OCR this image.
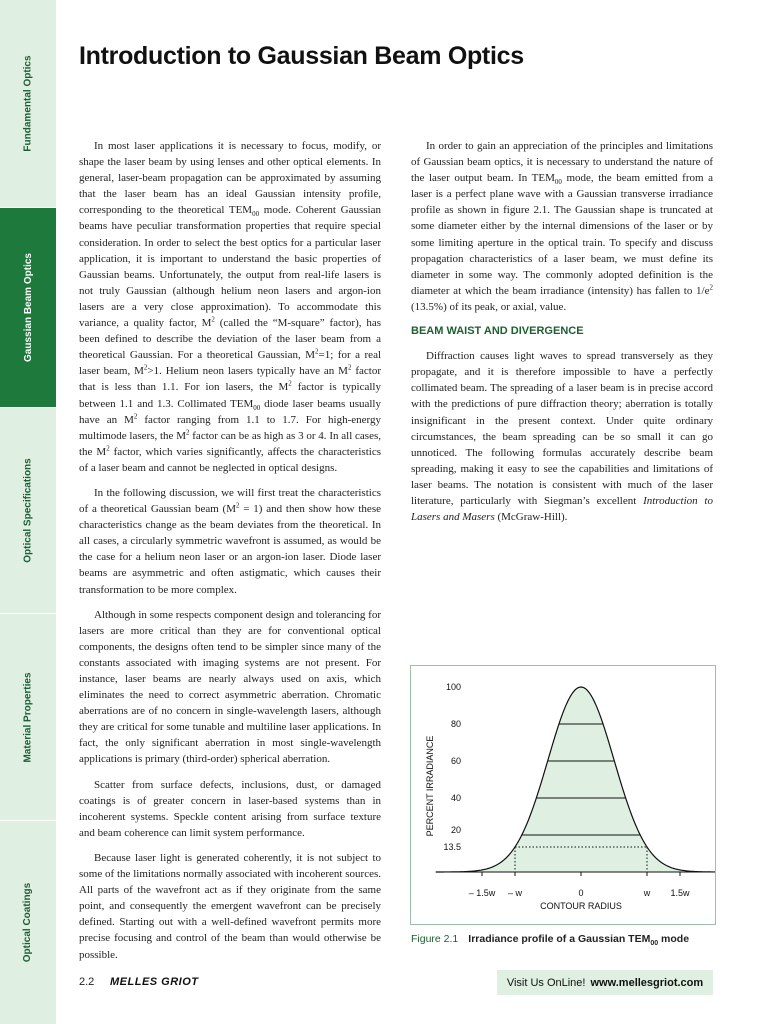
Fundamental Optics
Gaussian Beam Optics
Optical Specifications
Material Properties
Optical Coatings
Introduction to Gaussian Beam Optics

In most laser applications it is necessary to focus, modify, or shape the laser beam by using lenses and other optical elements. In general, laser-beam propagation can be approximated by assuming that the laser beam has an ideal Gaussian intensity profile, corresponding to the theoretical $TEM_{00}$ mode. Coherent Gaussian beams have peculiar transformation properties that require special consideration. In order to select the best optics for a particular laser application, it is important to understand the basic properties of Gaussian beams. Unfortunately, the output from real-life lasers is not truly Gaussian (although helium neon lasers and argon-ion lasers are a very close approximation). To accommodate this variance, a quality factor, $M^2$ (called the “M-square” factor), has been defined to describe the deviation of the laser beam from a theoretical Gaussian. For a theoretical Gaussian, $M^2=1$; for a real laser beam, $M^2>1$. Helium neon lasers typically have an $M^2$ factor that is less than 1.1. For ion lasers, the $M^2$ factor is typically between 1.1 and 1.3. Collimated $TEM_{00}$ diode laser beams usually have an $M^2$ factor ranging from 1.1 to 1.7. For high-energy multimode lasers, the $M^2$ factor can be as high as 3 or 4. In all cases, the $M^2$ factor, which varies significantly, affects the characteristics of a laser beam and cannot be neglected in optical designs.

In the following discussion, we will first treat the characteristics of a theoretical Gaussian beam $(M^2 = 1)$ and then show how these characteristics change as the beam deviates from the theoretical. In all cases, a circularly symmetric wavefront is assumed, as would be the case for a helium neon laser or an argon-ion laser. Diode laser beams are asymmetric and often astigmatic, which causes their transformation to be more complex.

Although in some respects component design and tolerancing for lasers are more critical than they are for conventional optical components, the designs often tend to be simpler since many of the constants associated with imaging systems are not present. For instance, laser beams are nearly always used on axis, which eliminates the need to correct asymmetric aberration. Chromatic aberrations are of no concern in single-wavelength lasers, although they are critical for some tunable and multiline laser applications. In fact, the only significant aberration in most single-wavelength applications is primary (third-order) spherical aberration.

Scatter from surface defects, inclusions, dust, or damaged coatings is of greater concern in laser-based systems than in incoherent systems. Speckle content arising from surface texture and beam coherence can limit system performance.

Because laser light is generated coherently, it is not subject to some of the limitations normally associated with incoherent sources. All parts of the wavefront act as if they originate from the same point, and consequently the emergent wavefront can be precisely defined. Starting out with a well-defined wavefront permits more precise focusing and control of the beam than would otherwise be possible.

In order to gain an appreciation of the principles and limitations of Gaussian beam optics, it is necessary to understand the nature of the laser output beam. In $TEM_{00}$ mode, the beam emitted from a laser is a perfect plane wave with a Gaussian transverse irradiance profile as shown in figure 2.1. The Gaussian shape is truncated at some diameter either by the internal dimensions of the laser or by some limiting aperture in the optical train. To specify and discuss propagation characteristics of a laser beam, we must define its diameter in some way. The commonly adopted definition is the diameter at which the beam irradiance (intensity) has fallen to $1/e^2$ (13.5%) of its peak, or axial, value.

BEAM WAIST AND DIVERGENCE

Diffraction causes light waves to spread transversely as they propagate, and it is therefore impossible to have a perfectly collimated beam. The spreading of a laser beam is in precise accord with the predictions of pure diffraction theory; aberration is totally insignificant in the present context. Under quite ordinary circumstances, the beam spreading can be so small it can go unnoticed. The following formulas accurately describe beam spreading, making it easy to see the capabilities and limitations of laser beams. The notation is consistent with much of the laser literature, particularly with Siegman’s excellent Introduction to Lasers and Masers (McGraw-Hill).

100
80
60
40
20
13.5
– 1.5w – w	0	w 1.5w
CONTOUR RADIUS
PERCENT IRRADIANCE
Figure 2.1 Irradiance profile of a Gaussian $TEM_{00}$ mode
2.2 MELLES GRIOT	Visit Us OnLine! www.mellesgriot.com
